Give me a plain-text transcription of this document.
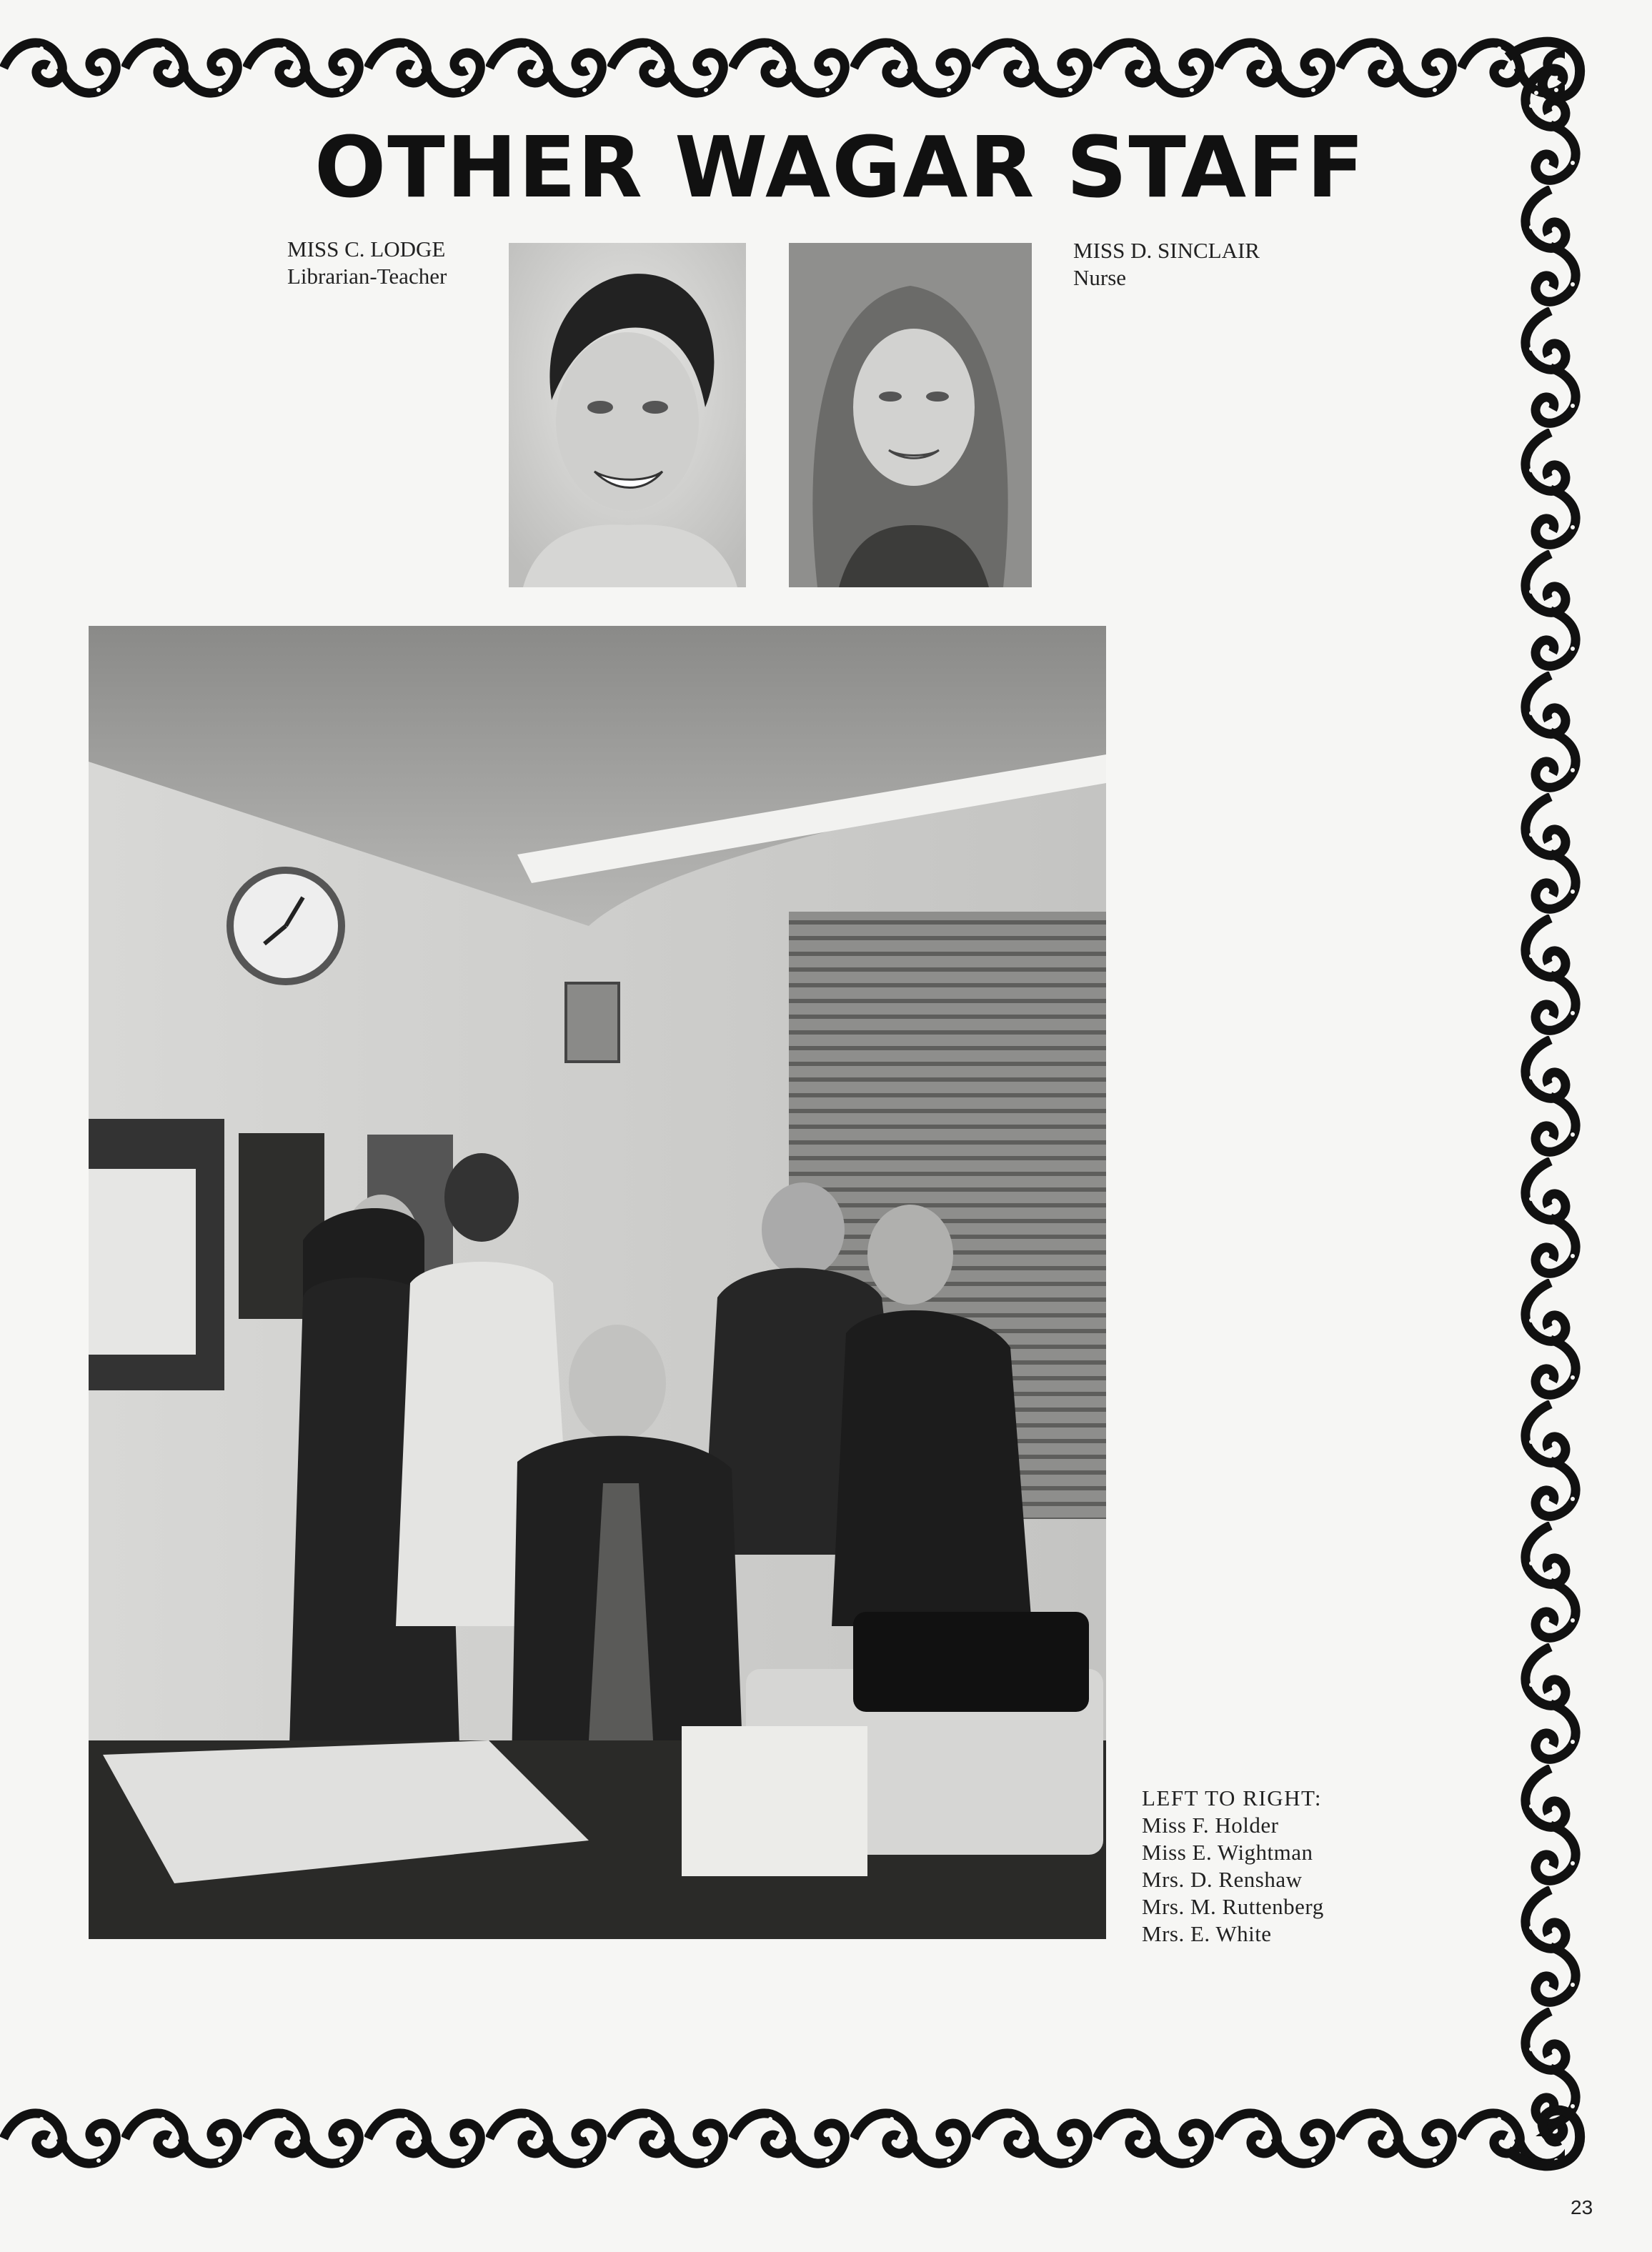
OTHER WAGAR STAFF
MISS C. LODGE
Librarian-Teacher
MISS D. SINCLAIR
Nurse
LEFT TO RIGHT:
Miss F. Holder
Miss E. Wightman
Mrs. D. Renshaw
Mrs. M. Ruttenberg
Mrs. E. White
23
